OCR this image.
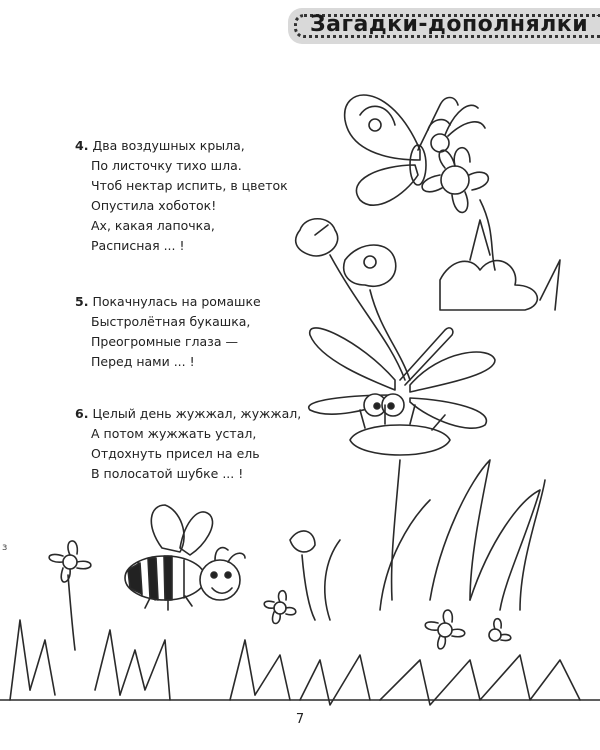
Загадки-дополнялки
4. Два воздушных крыла,
По листочку тихо шла.
Чтоб нектар испить, в цветок
Опустила хоботок!
Ах, какая лапочка,
Расписная ... !
5. Покачнулась на ромашке
Быстролётная букашка,
Преогромные глаза —
Перед нами ... !
6. Целый день жужжал, жужжал,
А потом жужжать устал,
Отдохнуть присел на ель
В полосатой шубке ... !
з
7
